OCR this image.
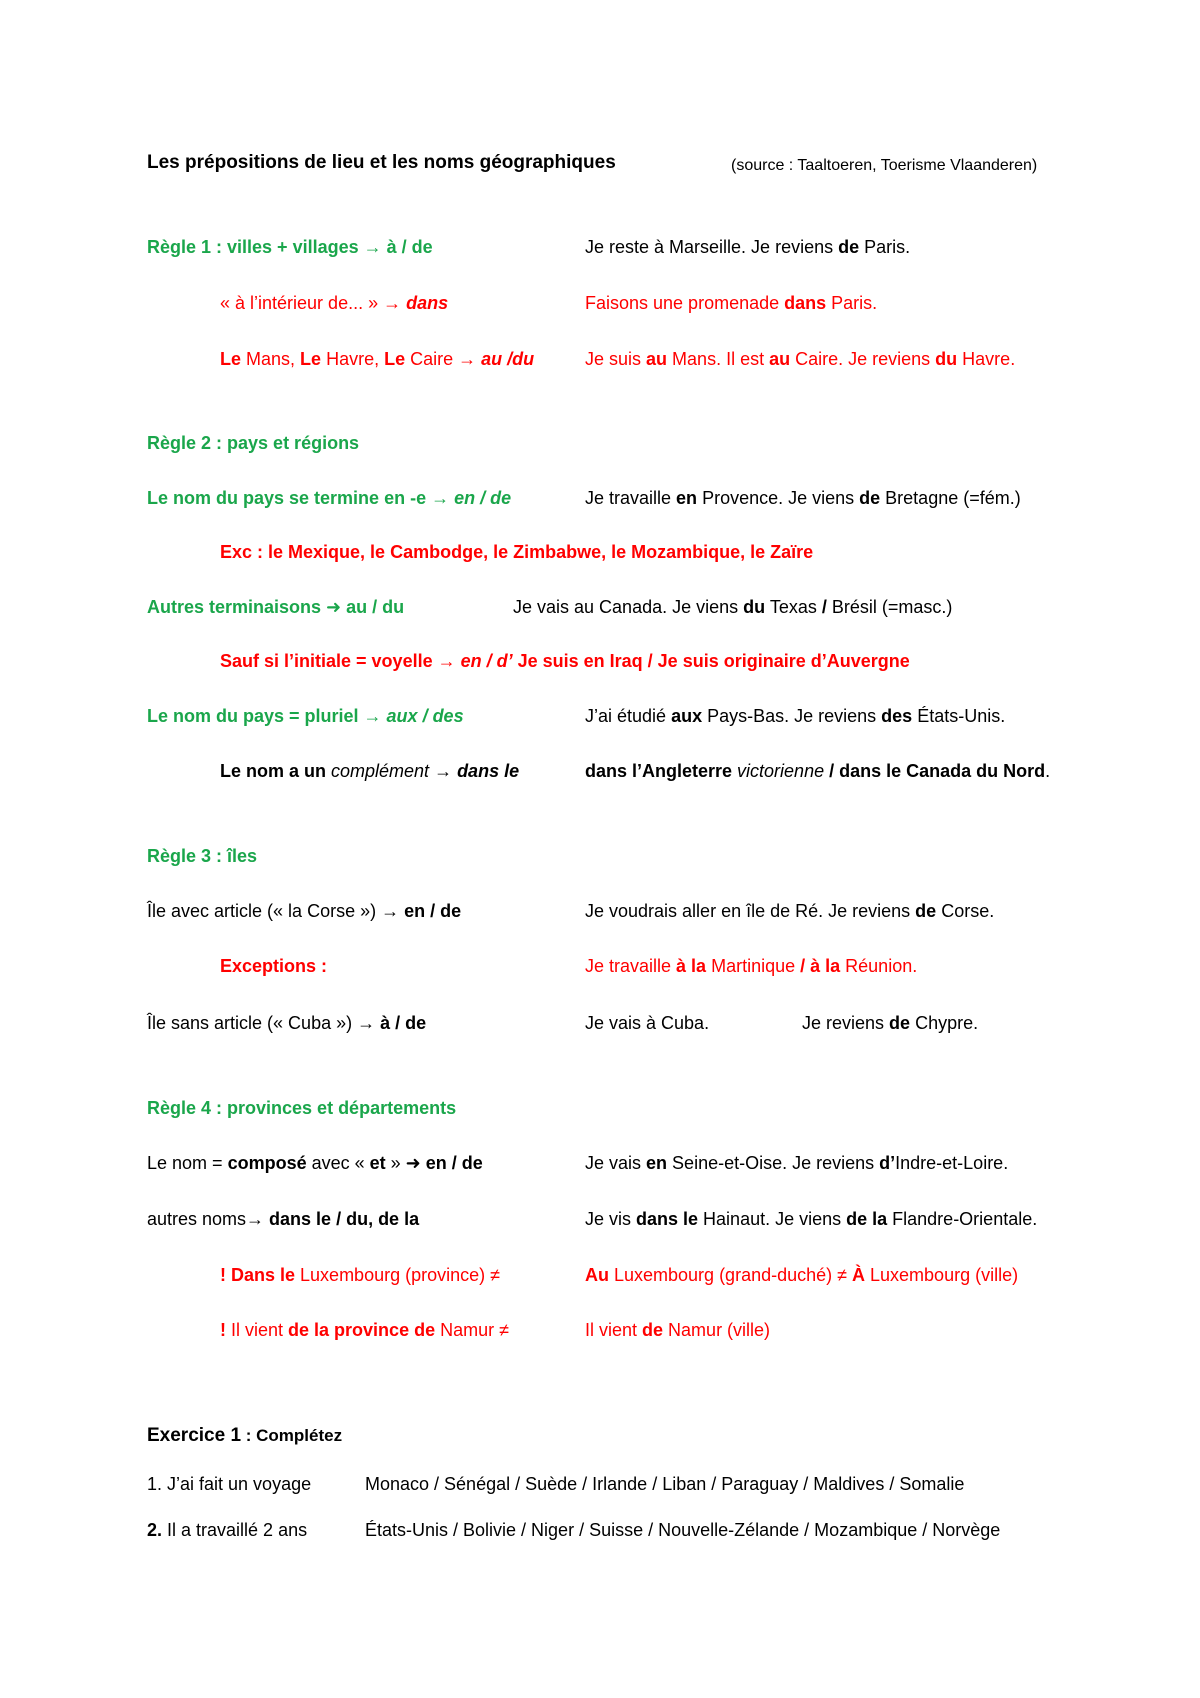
Les prépositions de lieu et les noms géographiques	(source : Taaltoeren, Toerisme Vlaanderen)
Règle 1 : villes + villages → à / de	Je reste à Marseille. Je reviens de Paris.
« à l’intérieur de... » → dans	Faisons une promenade dans Paris.
Le Mans, Le Havre, Le Caire → au /du	Je suis au Mans. Il est au Caire. Je reviens du Havre.
Règle 2 : pays et régions
Le nom du pays se termine en -e → en / de	Je travaille en Provence. Je viens de Bretagne (=fém.)
Exc : le Mexique, le Cambodge, le Zimbabwe, le Mozambique, le Zaïre
Autres terminaisons ➜ au / du	Je vais au Canada. Je viens du Texas / Brésil (=masc.)
Sauf si l’initiale = voyelle → en / d’ Je suis en Iraq / Je suis originaire d’Auvergne
Le nom du pays = pluriel → aux / des	J’ai étudié aux Pays-Bas. Je reviens des États-Unis.
Le nom a un complément → dans le	dans l’Angleterre victorienne / dans le Canada du Nord.
Règle 3 : îles
Île avec article (« la Corse ») → en / de	Je voudrais aller en île de Ré. Je reviens de Corse.
Exceptions :	Je travaille à la Martinique / à la Réunion.
Île sans article (« Cuba ») → à / de	Je vais à Cuba.	Je reviens de Chypre.
Règle 4 : provinces et départements
Le nom = composé avec « et » ➜ en / de	Je vais en Seine-et-Oise. Je reviens d’Indre-et-Loire.
autres noms→ dans le / du, de la	Je vis dans le Hainaut. Je viens de la Flandre-Orientale.
! Dans le Luxembourg (province) ≠	Au Luxembourg (grand-duché) ≠ À Luxembourg (ville)
! Il vient de la province de Namur ≠	Il vient de Namur (ville)
Exercice 1 : Complétez
1. J’ai fait un voyage	Monaco / Sénégal / Suède / Irlande / Liban / Paraguay / Maldives / Somalie
2. Il a travaillé 2 ans	États-Unis / Bolivie / Niger / Suisse / Nouvelle-Zélande / Mozambique / Norvège
